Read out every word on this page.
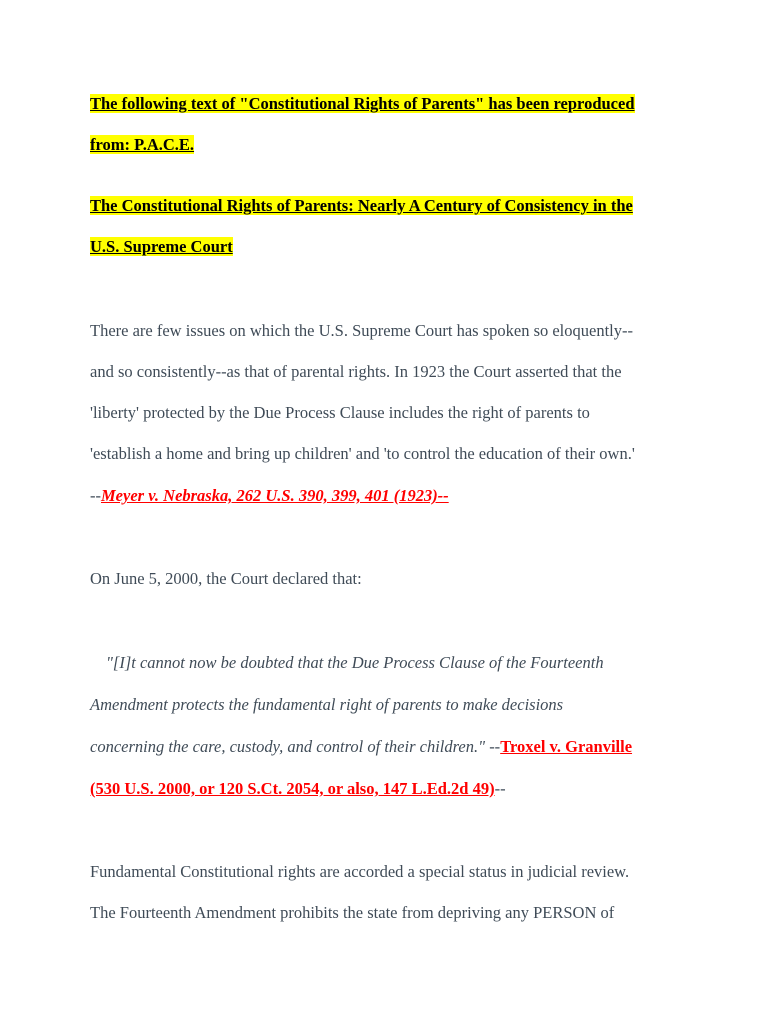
The following text of "Constitutional Rights of Parents" has been reproduced
from: P.A.C.E.
The Constitutional Rights of Parents: Nearly A Century of Consistency in the
U.S. Supreme Court
There are few issues on which the U.S. Supreme Court has spoken so eloquently--
and so consistently--as that of parental rights. In 1923 the Court asserted that the
'liberty' protected by the Due Process Clause includes the right of parents to
'establish a home and bring up children' and 'to control the education of their own.'
--Meyer v. Nebraska, 262 U.S. 390, 399, 401 (1923)--
On June 5, 2000, the Court declared that:
"[I]t cannot now be doubted that the Due Process Clause of the Fourteenth
Amendment protects the fundamental right of parents to make decisions
concerning the care, custody, and control of their children." --Troxel v. Granville
(530 U.S. 2000, or 120 S.Ct. 2054, or also, 147 L.Ed.2d 49)--
Fundamental Constitutional rights are accorded a special status in judicial review.
The Fourteenth Amendment prohibits the state from depriving any PERSON of
